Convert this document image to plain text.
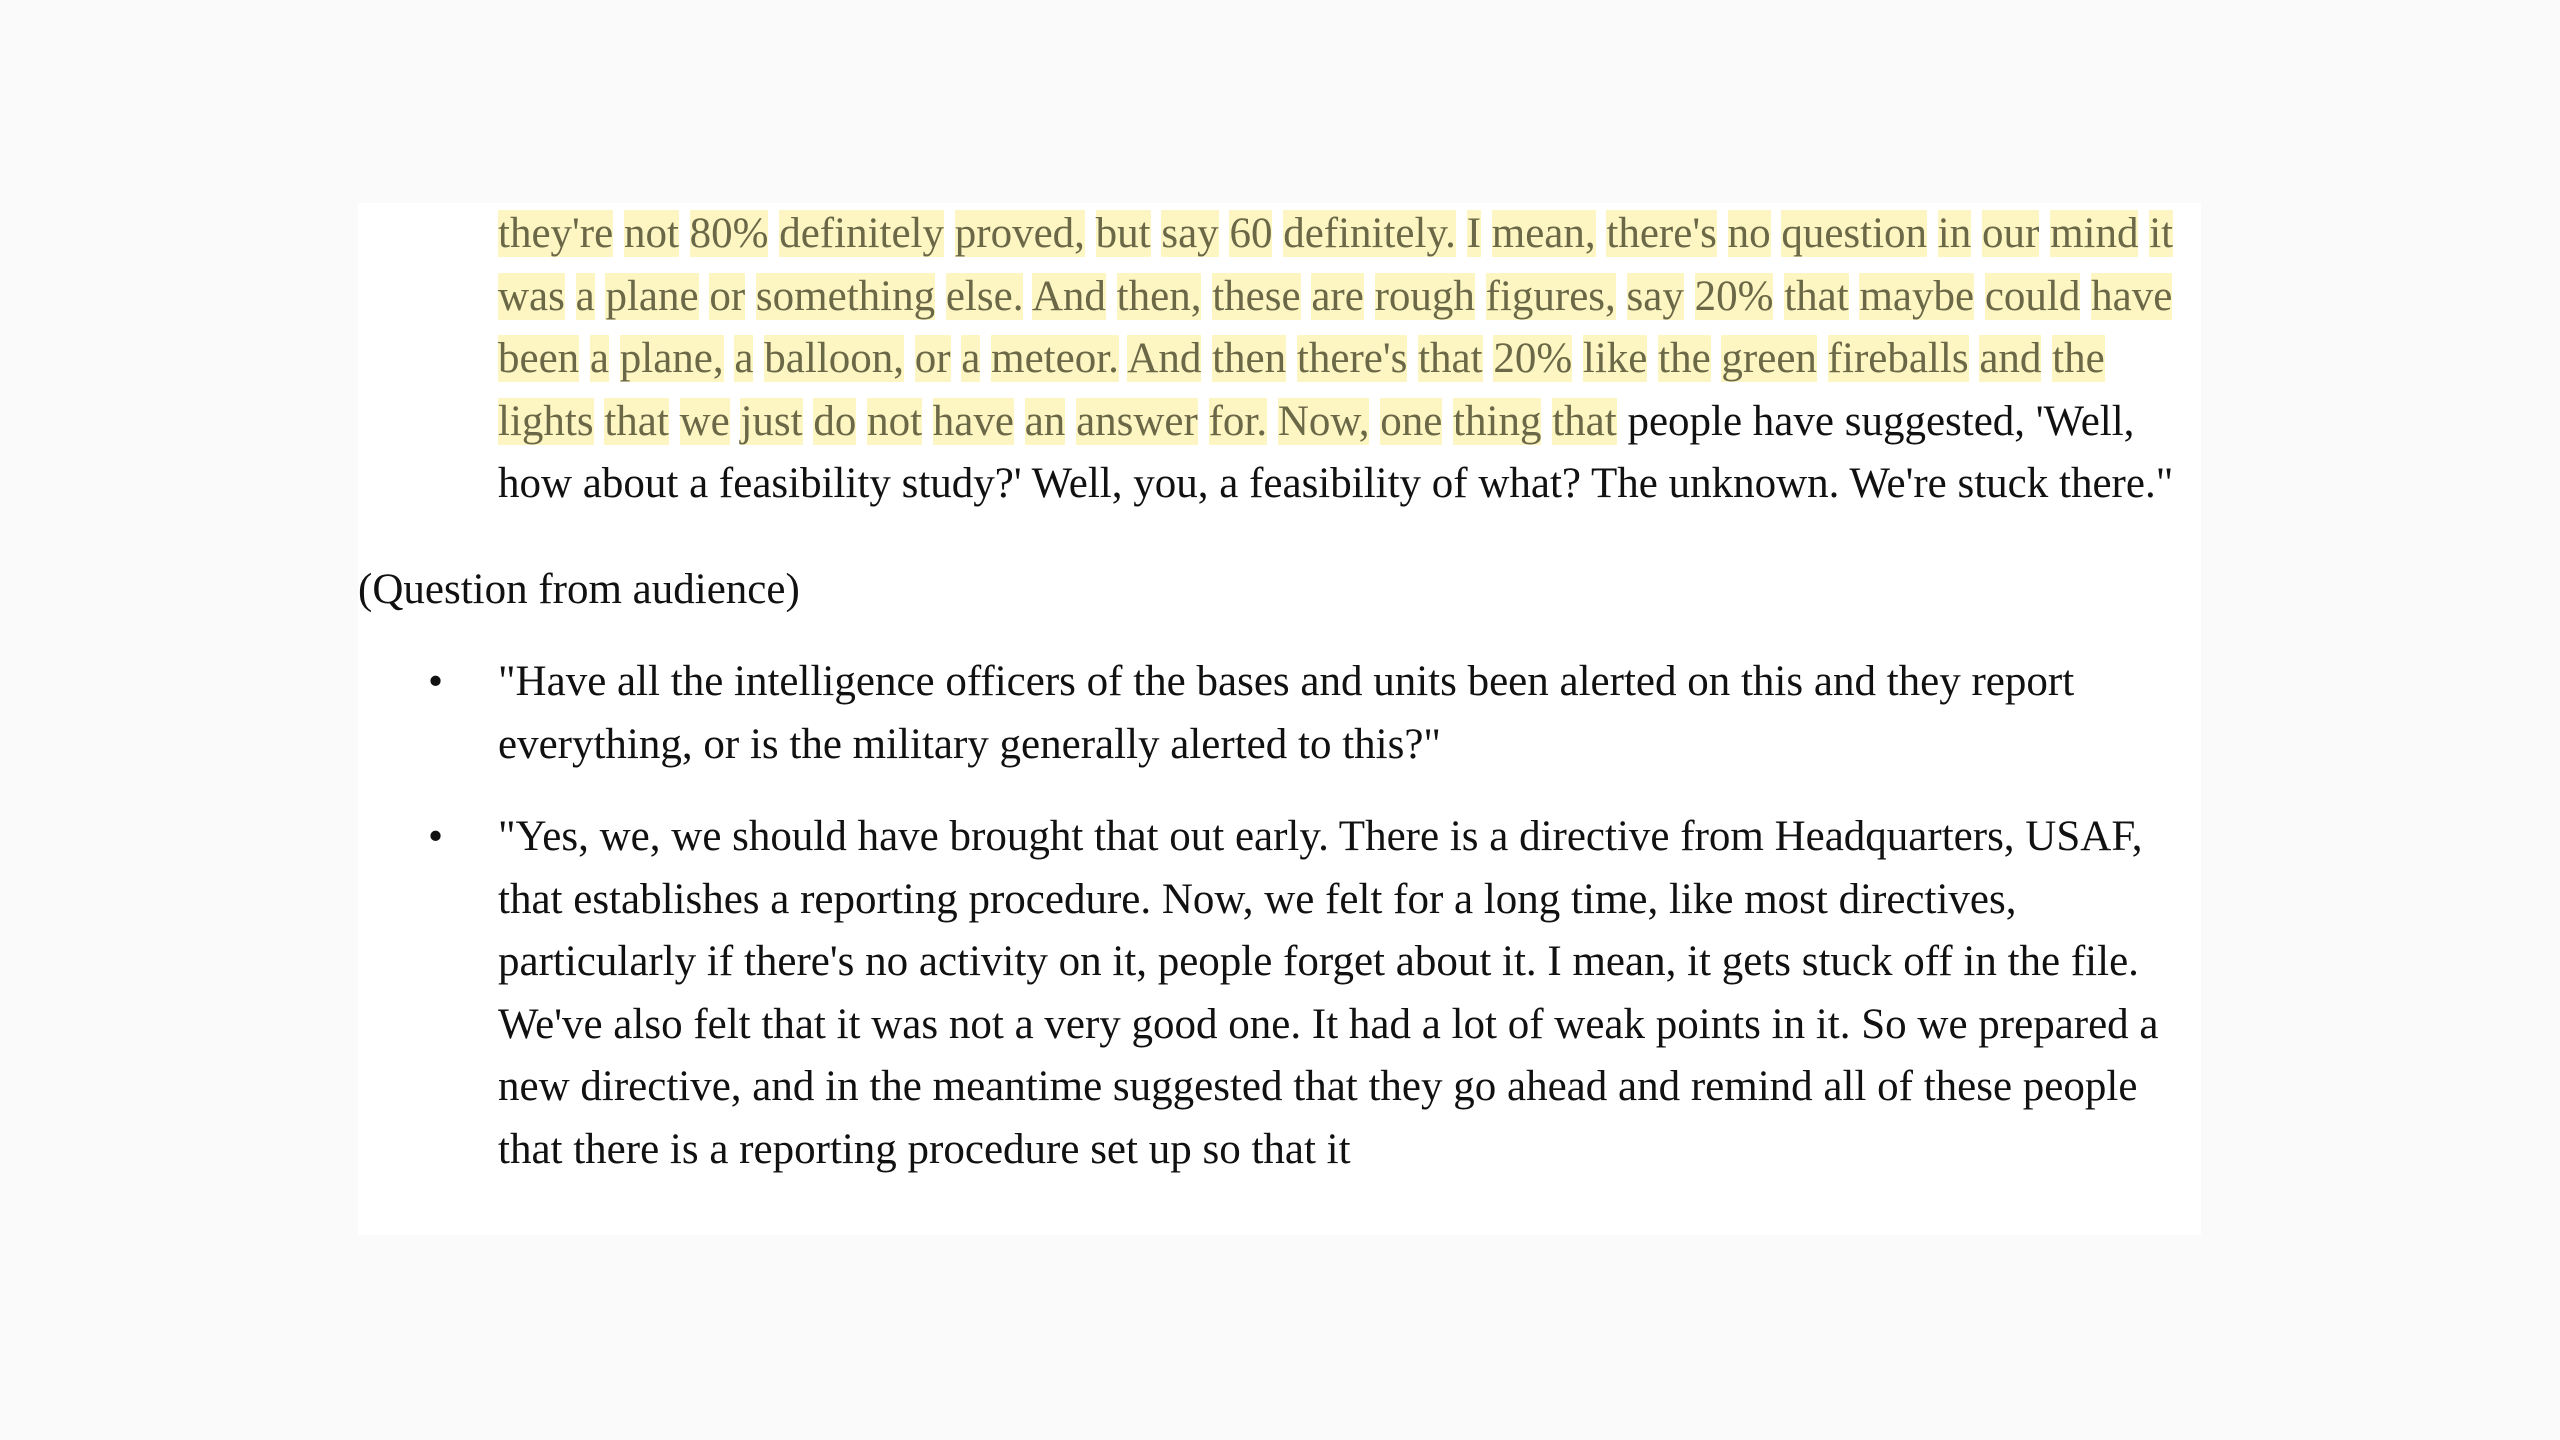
they're not 80% definitely proved, but say 60 definitely. I mean, there's no question in our mind it was a plane or something else. And then, these are rough figures, say 20% that maybe could have been a plane, a balloon, or a meteor. And then there's that 20% like the green fireballs and the lights that we just do not have an answer for. Now, one thing that people have suggested, 'Well, how about a feasibility study?' Well, you, a feasibility of what? The unknown. We're stuck there."

(Question from audience)

• "Have all the intelligence officers of the bases and units been alerted on this and they report everything, or is the military generally alerted to this?"
• "Yes, we, we should have brought that out early. There is a directive from Headquarters, USAF, that establishes a reporting procedure. Now, we felt for a long time, like most directives, particularly if there's no activity on it, people forget about it. I mean, it gets stuck off in the file. We've also felt that it was not a very good one. It had a lot of weak points in it. So we prepared a new directive, and in the meantime suggested that they go ahead and remind all of these people that there is a reporting procedure set up so that it
